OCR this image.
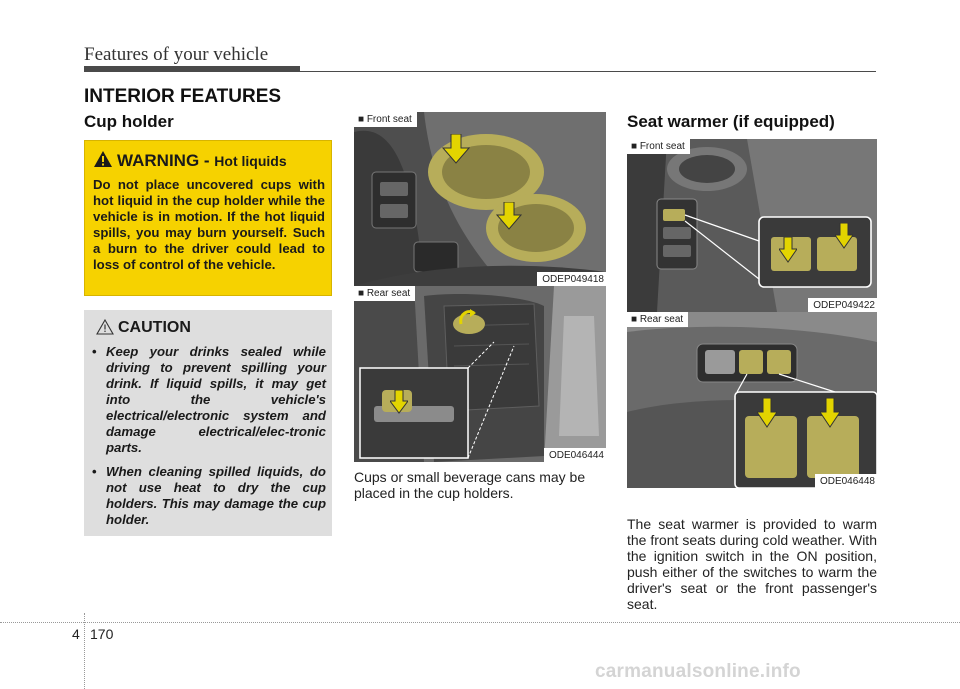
Features of your vehicle
INTERIOR FEATURES
Cup holder
WARNING - Hot liquids
Do not place uncovered cups with hot liquid in the cup holder while the vehicle is in motion. If the hot liquid spills, you may burn yourself. Such a burn to the driver could lead to loss of control of the vehicle.
CAUTION
• Keep your drinks sealed while driving to prevent spilling your drink. If liquid spills, it may get into the vehicle's electrical/electronic system and damage electrical/elec-tronic parts.
• When cleaning spilled liquids, do not use heat to dry the cup holders. This may damage the cup holder.
■ Front seat
ODEP049418
■ Rear seat
ODE046444
Cups or small beverage cans may be placed in the cup holders.
Seat warmer (if equipped)
■ Front seat
ODEP049422
■ Rear seat
ODE046448
The seat warmer is provided to warm the front seats during cold weather. With the ignition switch in the ON position, push either of the switches to warm the driver's seat or the front passenger's seat.
4 170
carmanualsonline.info
